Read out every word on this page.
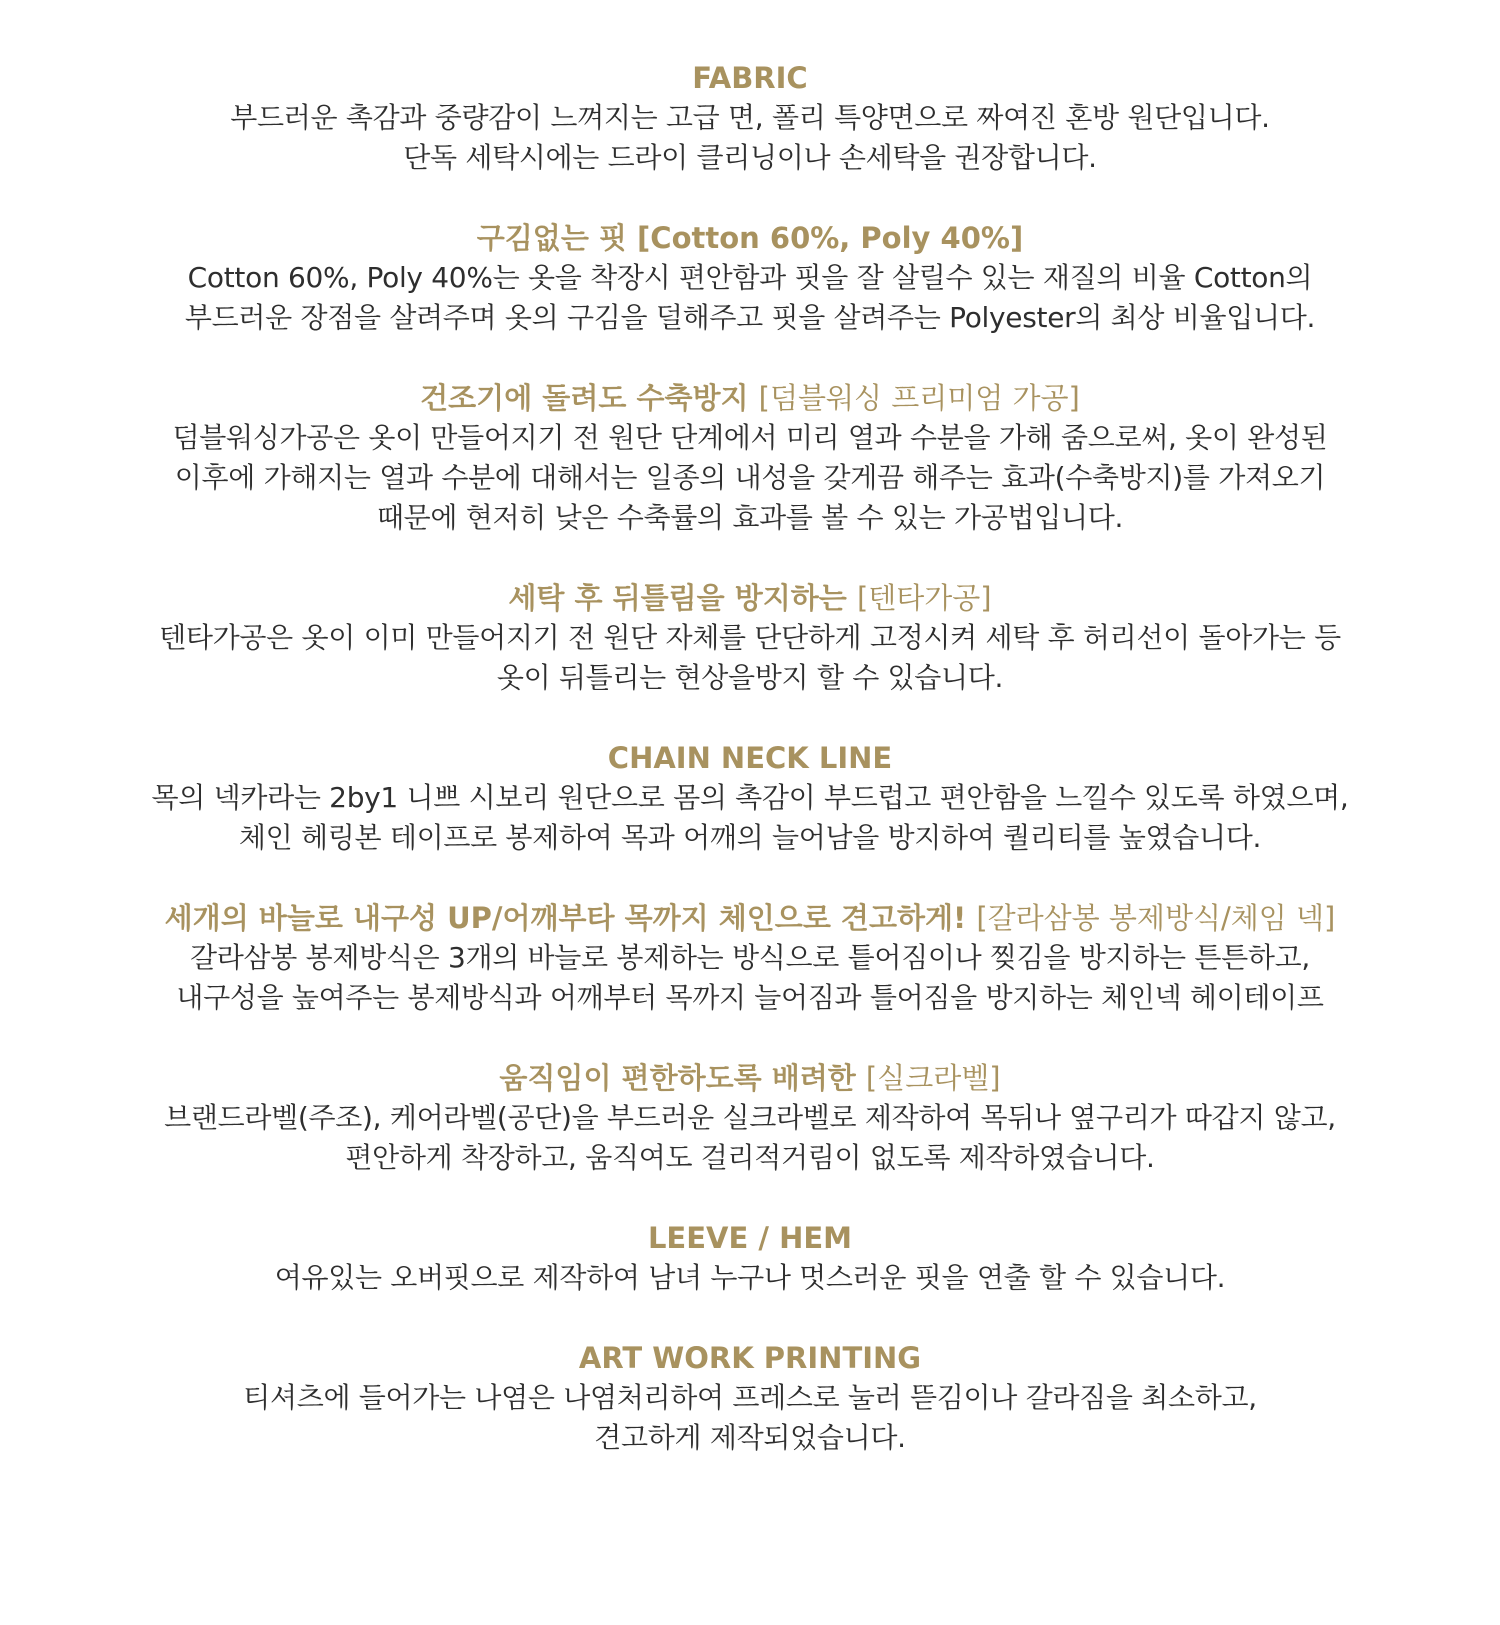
FABRIC
부드러운 촉감과 중량감이 느껴지는 고급 면, 폴리 특양면으로 짜여진 혼방 원단입니다.
단독 세탁시에는 드라이 클리닝이나 손세탁을 권장합니다.
구김없는 핏 [Cotton 60%, Poly 40%]
Cotton 60%, Poly 40%는 옷을 착장시 편안함과 핏을 잘 살릴수 있는 재질의 비율 Cotton의
부드러운 장점을 살려주며 옷의 구김을 덜해주고 핏을 살려주는 Polyester의 최상 비율입니다.
건조기에 돌려도 수축방지 [덤블워싱 프리미엄 가공]
덤블워싱가공은 옷이 만들어지기 전 원단 단계에서 미리 열과 수분을 가해 줌으로써, 옷이 완성된
이후에 가해지는 열과 수분에 대해서는 일종의 내성을 갖게끔 해주는 효과(수축방지)를 가져오기
때문에 현저히 낮은 수축률의 효과를 볼 수 있는 가공법입니다.
세탁 후 뒤틀림을 방지하는 [텐타가공]
텐타가공은 옷이 이미 만들어지기 전 원단 자체를 단단하게 고정시켜 세탁 후 허리선이 돌아가는 등
옷이 뒤틀리는 현상을방지 할 수 있습니다.
CHAIN NECK LINE
목의 넥카라는 2by1 니쁘 시보리 원단으로 몸의 촉감이 부드럽고 편안함을 느낄수 있도록 하였으며,
체인 헤링본 테이프로 봉제하여 목과 어깨의 늘어남을 방지하여 퀄리티를 높였습니다.
세개의 바늘로 내구성 UP/어깨부타 목까지 체인으로 견고하게! [갈라삼봉 봉제방식/체임 넥]
갈라삼봉 봉제방식은 3개의 바늘로 봉제하는 방식으로 틑어짐이나 찢김을 방지하는 튼튼하고,
내구성을 높여주는 봉제방식과 어깨부터 목까지 늘어짐과 틀어짐을 방지하는 체인넥 헤이테이프
움직임이 편한하도록 배려한 [실크라벨]
브랜드라벨(주조), 케어라벨(공단)을 부드러운 실크라벨로 제작하여 목뒤나 옆구리가 따갑지 않고,
편안하게 착장하고, 움직여도 걸리적거림이 없도록 제작하였습니다.
LEEVE / HEM
여유있는 오버핏으로 제작하여 남녀 누구나 멋스러운 핏을 연출 할 수 있습니다.
ART WORK PRINTING
티셔츠에 들어가는 나염은 나염처리하여 프레스로 눌러 뜯김이나 갈라짐을 최소하고,
견고하게 제작되었습니다.
